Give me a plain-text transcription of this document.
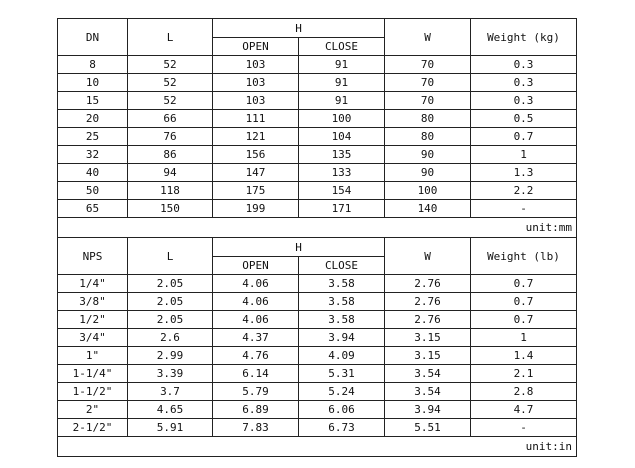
DN	L	H		W	Weight (kg)
		OPEN	CLOSE		
8	52	103	91	70	0.3
10	52	103	91	70	0.3
15	52	103	91	70	0.3
20	66	111	100	80	0.5
25	76	121	104	80	0.7
32	86	156	135	90	1
40	94	147	133	90	1.3
50	118	175	154	100	2.2
65	150	199	171	140	-
unit:mm					
NPS	L	H		W	Weight (lb)
		OPEN	CLOSE		
1/4"	2.05	4.06	3.58	2.76	0.7
3/8"	2.05	4.06	3.58	2.76	0.7
1/2"	2.05	4.06	3.58	2.76	0.7
3/4"	2.6	4.37	3.94	3.15	1
1"	2.99	4.76	4.09	3.15	1.4
1-1/4"	3.39	6.14	5.31	3.54	2.1
1-1/2"	3.7	5.79	5.24	3.54	2.8
2"	4.65	6.89	6.06	3.94	4.7
2-1/2"	5.91	7.83	6.73	5.51	-
unit:in					
